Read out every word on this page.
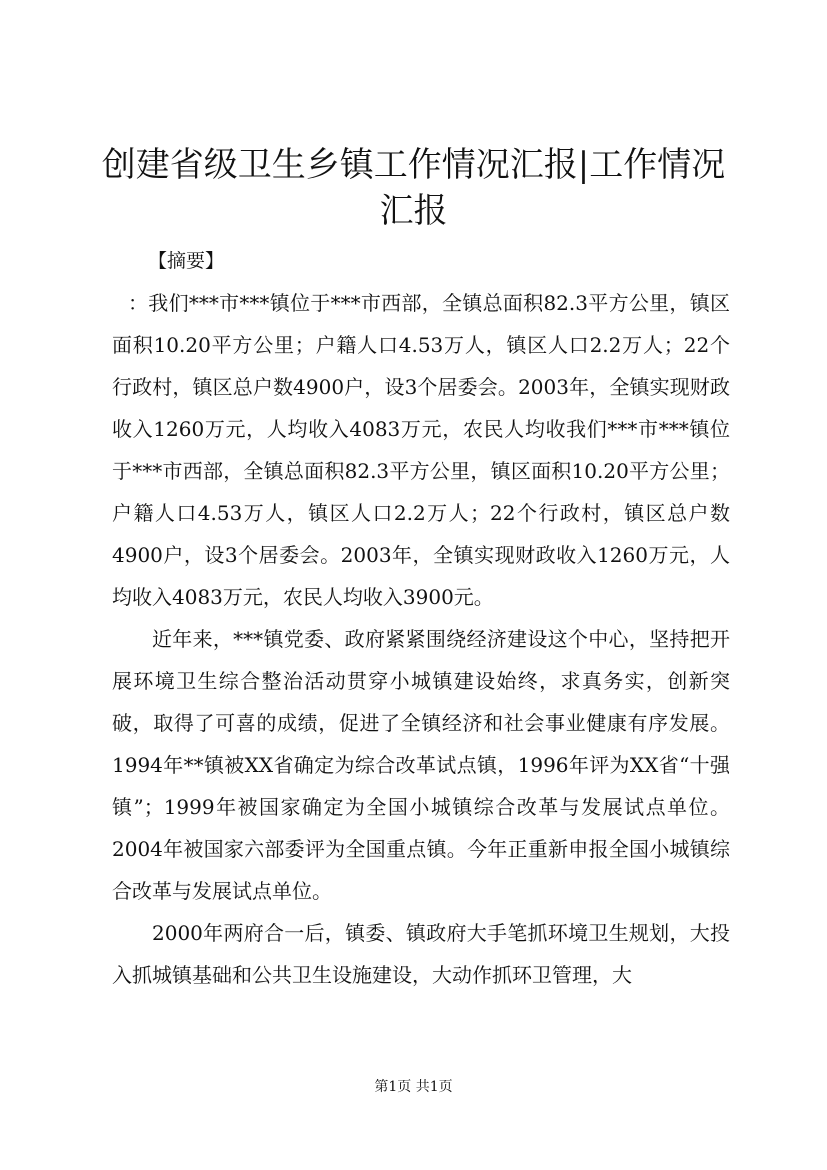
创建省级卫生乡镇工作情况汇报|工作情况汇报

【摘要】

：我们***市***镇位于***市西部，全镇总面积82.3平方公里，镇区面积10.20平方公里；户籍人口4.53万人，镇区人口2.2万人；22个行政村，镇区总户数4900户，设3个居委会。2003年，全镇实现财政收入1260万元，人均收入4083万元，农民人均收我们***市***镇位于***市西部，全镇总面积82.3平方公里，镇区面积10.20平方公里；户籍人口4.53万人，镇区人口2.2万人；22个行政村，镇区总户数4900户，设3个居委会。2003年，全镇实现财政收入1260万元，人均收入4083万元，农民人均收入3900元。

近年来，***镇党委、政府紧紧围绕经济建设这个中心，坚持把开展环境卫生综合整治活动贯穿小城镇建设始终，求真务实，创新突破，取得了可喜的成绩，促进了全镇经济和社会事业健康有序发展。1994年**镇被XX省确定为综合改革试点镇，1996年评为XX省“十强镇”；1999年被国家确定为全国小城镇综合改革与发展试点单位。2004年被国家六部委评为全国重点镇。今年正重新申报全国小城镇综合改革与发展试点单位。

2000年两府合一后，镇委、镇政府大手笔抓环境卫生规划，大投入抓城镇基础和公共卫生设施建设，大动作抓环卫管理，大

第1页 共1页
